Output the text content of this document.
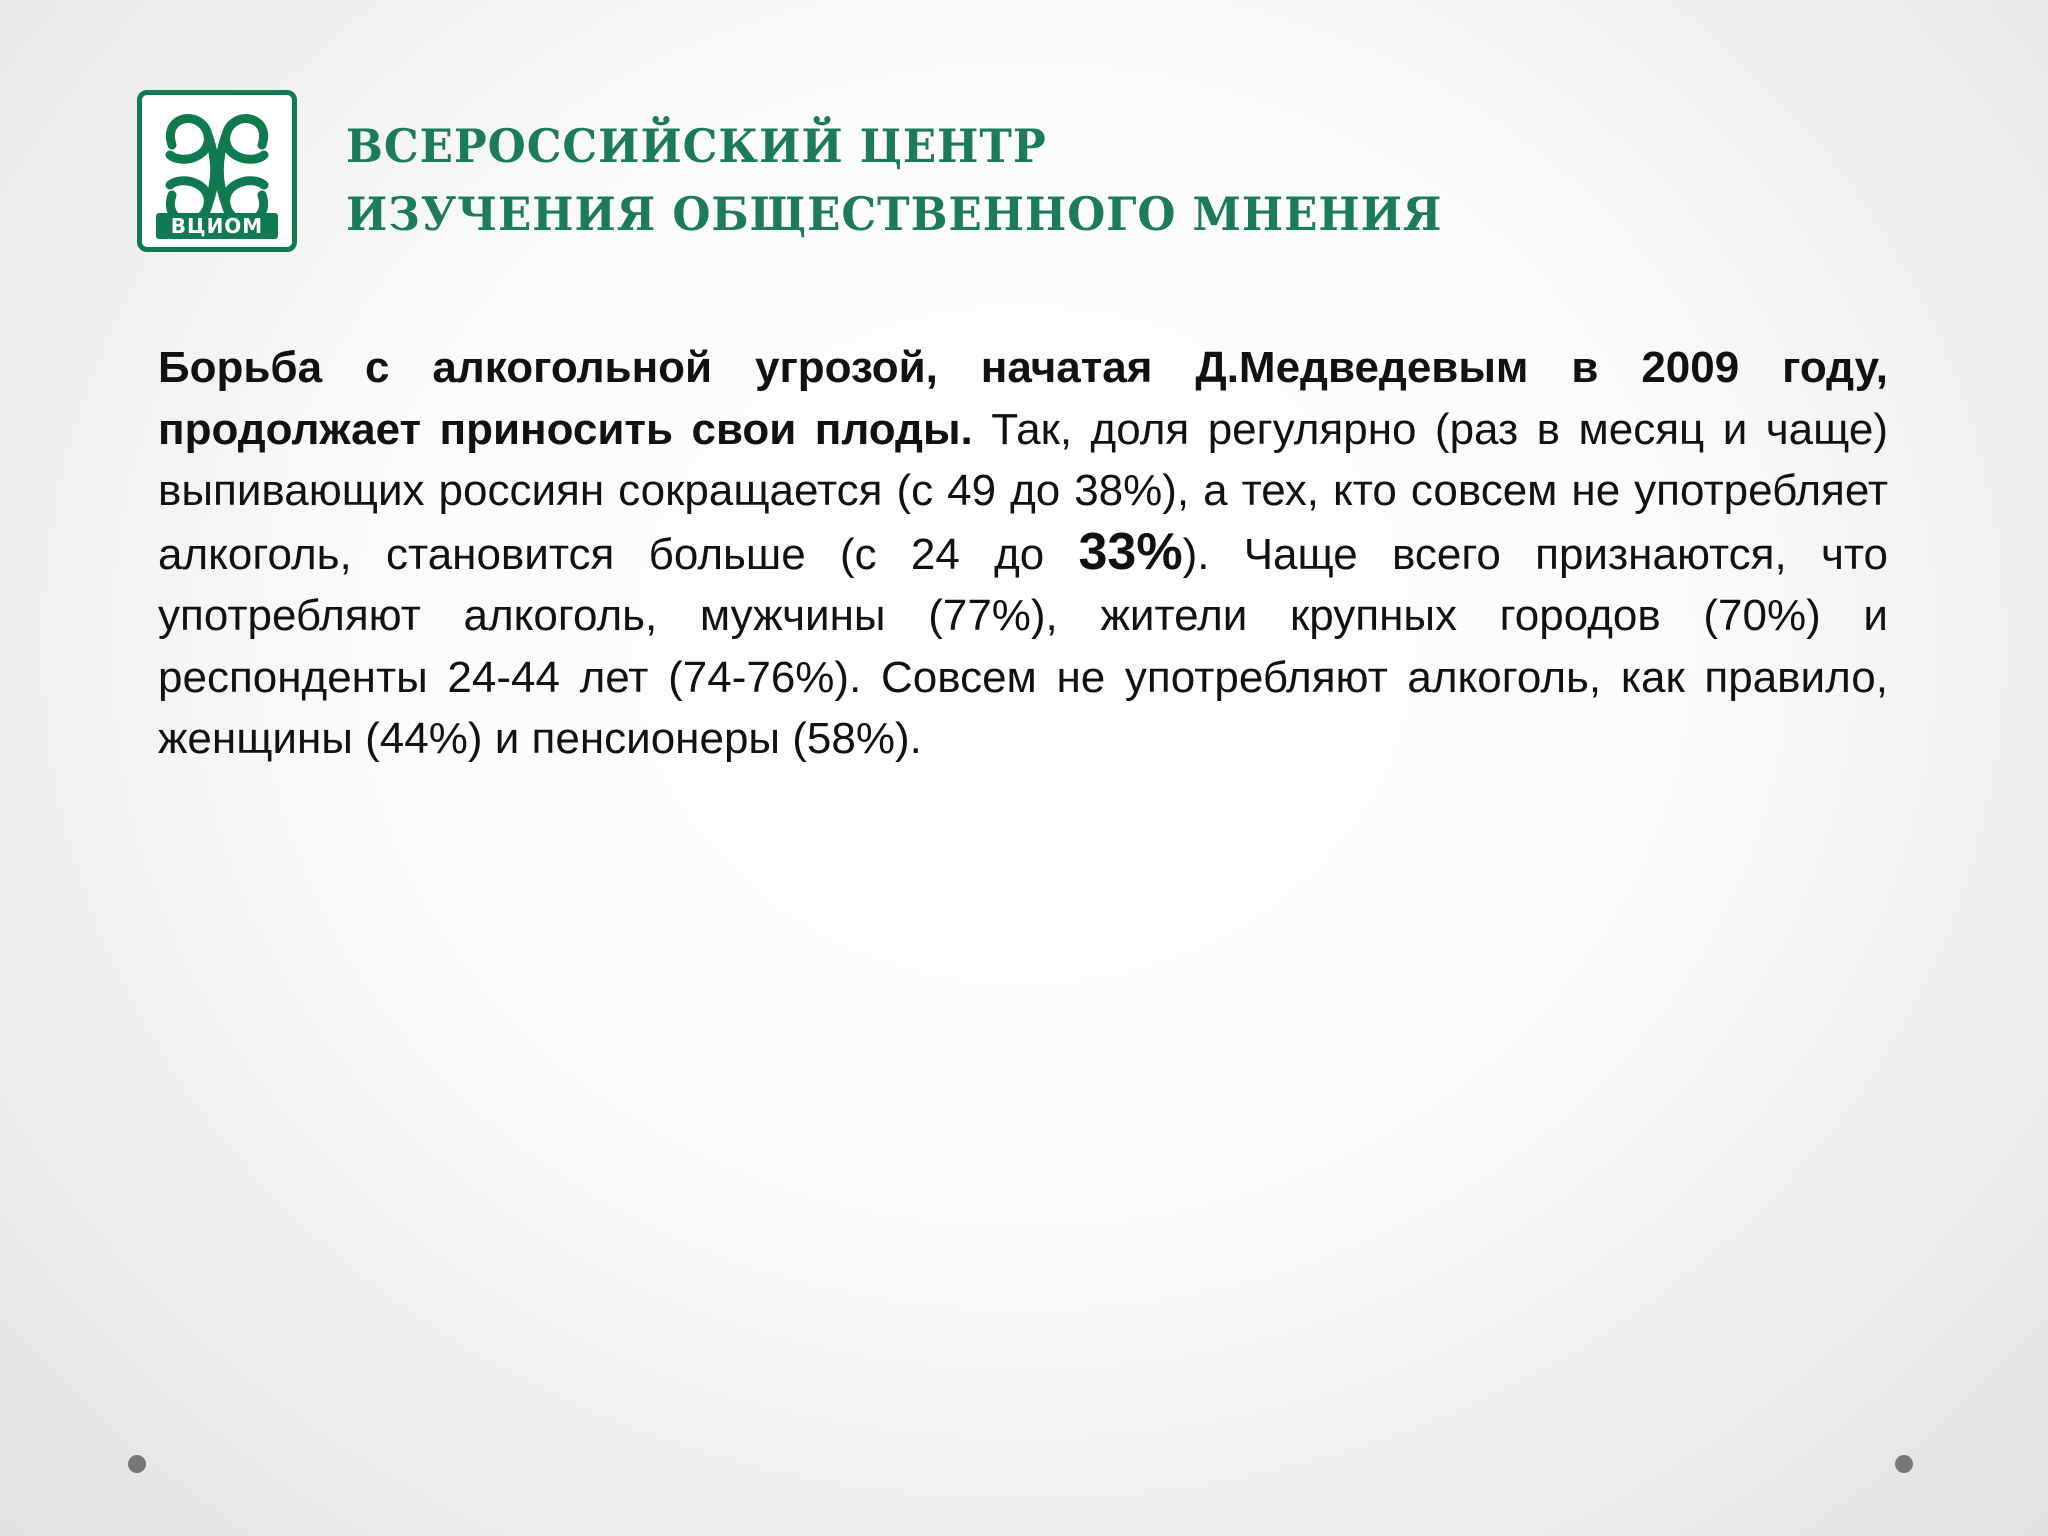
ВЦИОМ
ВСЕРОССИЙСКИЙ ЦЕНТР
ИЗУЧЕНИЯ ОБЩЕСТВЕННОГО МНЕНИЯ

Борьба с алкогольной угрозой, начатая Д.Медведевым в 2009 году, продолжает приносить свои плоды. Так, доля регулярно (раз в месяц и чаще) выпивающих россиян сокращается (с 49 до 38%), а тех, кто совсем не употребляет алкоголь, становится больше (с 24 до 33%). Чаще всего признаются, что употребляют алкоголь, мужчины (77%), жители крупных городов (70%) и респонденты 24-44 лет (74-76%). Совсем не употребляют алкоголь, как правило, женщины (44%) и пенсионеры (58%).
